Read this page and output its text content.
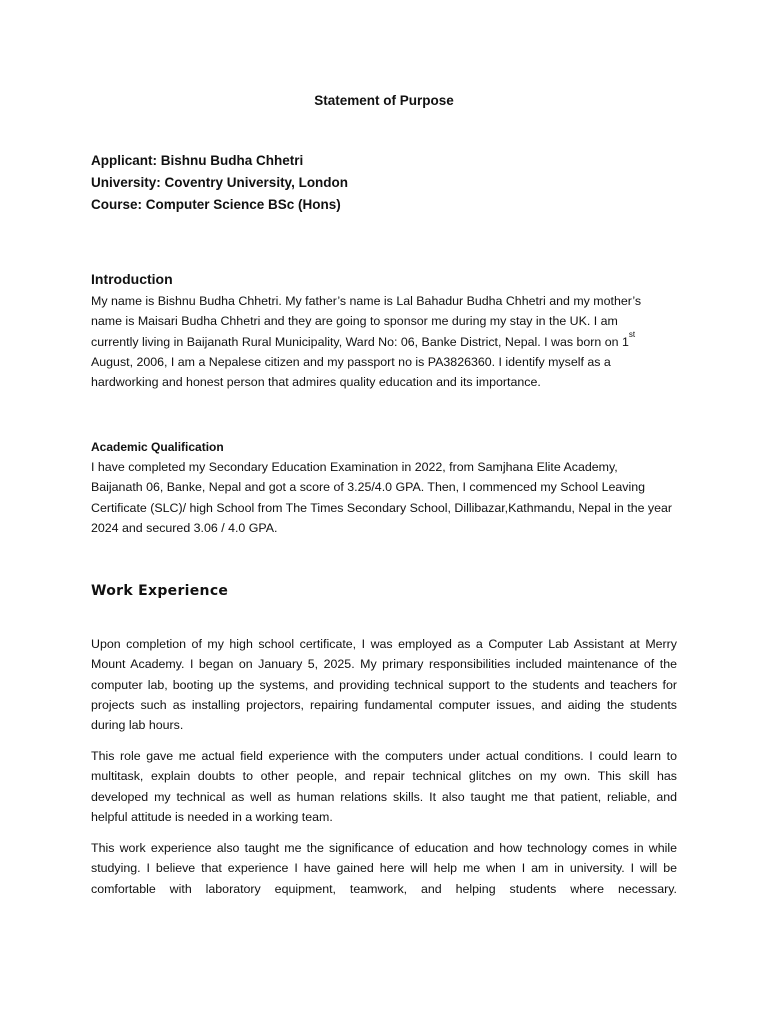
Statement of Purpose
Applicant: Bishnu Budha Chhetri
University: Coventry University, London
Course: Computer Science BSc (Hons)
Introduction

My name is Bishnu Budha Chhetri. My father’s name is Lal Bahadur Budha Chhetri and my mother’s
name is Maisari Budha Chhetri and they are going to sponsor me during my stay in the UK. I am
currently living in Baijanath Rural Municipality, Ward No: 06, Banke District, Nepal. I was born on 1st
August, 2006, I am a Nepalese citizen and my passport no is PA3826360. I identify myself as a
hardworking and honest person that admires quality education and its importance.

Academic Qualification

I have completed my Secondary Education Examination in 2022, from Samjhana Elite Academy,
Baijanath 06, Banke, Nepal and got a score of 3.25/4.0 GPA. Then, I commenced my School Leaving
Certificate (SLC)/ high School from The Times Secondary School, Dillibazar,Kathmandu, Nepal in the year
2024 and secured 3.06 / 4.0 GPA.

Work Experience

Upon completion of my high school certificate, I was employed as a Computer Lab Assistant at Merry
Mount Academy. I began on January 5, 2025. My primary responsibilities included maintenance of the
computer lab, booting up the systems, and providing technical support to the students and teachers for
projects such as installing projectors, repairing fundamental computer issues, and aiding the students
during lab hours.

This role gave me actual field experience with the computers under actual conditions. I could learn to
multitask, explain doubts to other people, and repair technical glitches on my own. This skill has
developed my technical as well as human relations skills. It also taught me that patient, reliable, and
helpful attitude is needed in a working team.

This work experience also taught me the significance of education and how technology comes in while
studying. I believe that experience I have gained here will help me when I am in university. I will be
comfortable with laboratory equipment, teamwork, and helping students where necessary.
